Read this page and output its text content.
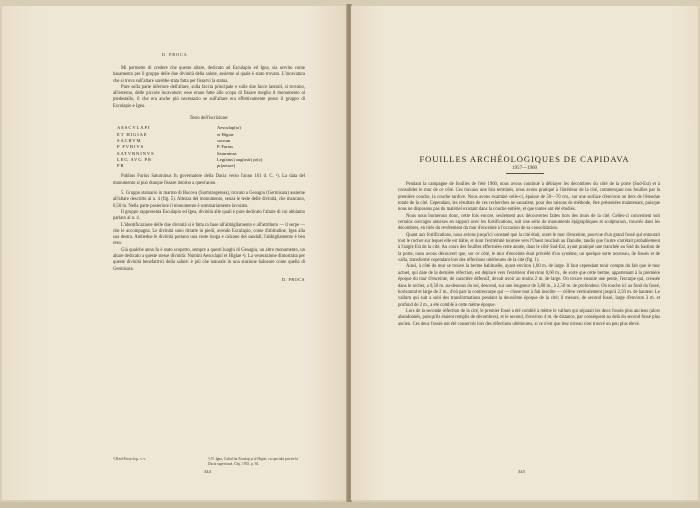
D. PROCA

Mi permetto di credere che questo altare, dedicato ad Esculapio ed Igea, sia servito come basamento per il gruppo delle due divinità della salute, assieme al quale è stato trovato. L'incavatura che si trova sull'altare sarebbe stata fatta per fissarvi la statua.

Pure sulla parte inferiore dell'altare, sulla faccia principale e sulle due facce laterali, si trovano, all'esterno, delle piccole incavature; esse erano fatte allo scopo di fissare meglio il monumento al piedestallo, il che era anche più necessario se sull'altare era effettivamente posto il gruppo di Esculapio e Igea.

Testo dell'iscrizione:
AESCVLAPI	Aesculap(io)
ET HIGIAE	et Higiae
SACRVM	sacrum
P FVRIVS	P. Furius
SATVRNINVS	Saturninus
LEG AVG PR	Leg(atus) aug(usti) pr(o)
PR	pr(aetore)

Publius Furius Saturninus fu governatore della Dacia verso l'anno 161 d. C. ¹). La data del monumento si può dunque fissare intorno a quest'anno.

5. Gruppo statuario in marmo di Bucova (Sarmizegetusa), trovato a Geoagiu (Germisara) assieme all'altare descritto al n. 4 (fig. 5). Altezza del monumento, senza le teste delle divinità, che mancano, 0,50 m. Nella parte posteriore il monumento è sommariamente lavorato.

Il gruppo rappresenta Esculapio ed Igea, divinità alle quali è pure dedicato l'altare di cui abbiamo parlato al n. 4.

L'identificazione delle due divinità si è fatta in base all'abbigliamento e all'attributo — il serpe — che le accompagna. Le divinità sono ritratte in piedi, avendo Esculapio, come d'abitudine, Igea alla sua destra. Ambedue le divinità portano una veste lunga e calzano dei sandali; l'abbigliamento è ben reso.

Già qualche anno fa è stato scoperto, sempre a questi luoghi di Geoagiu, un altro monumento, un altare dedicato a queste stesse divinità: Numini Aesculapii et Higiae ²). La venerazione dimostrata per queste divinità benefattrici della salute: è più che naturale in una stazione balneare come quella di Germisara.

D. PROCA
¹) Real-Encyclop., s. v.	²) N. Igna, Cultul lui Esculap şi al Higiei, cu specială privire la Dacia superioară, Cluj, 1935, p. 94.
344
FOUILLES ARCHÉOLOGIQUES DE CAPIDAVA
1957—1960

Pendant la campagne de fouilles de l'été 1960, nous avons continué à déblayer les décombres du côté de la porte (Sud-Est) et à consolider le mur de ce côté. Ces travaux une fois terminés, nous avons pratiqué à l'intérieur de la cité, commençant nos fouilles par la première couche, la couche tardive. Nous avons examiné celle-ci, épaisse de 50—70 cm., sur une surface d'environ un tiers de l'étendue totale de la cité. Cependant, les résultats de ces recherches ne sauraient, pour des raisons de méthode, être présentées maintenant, puisque nous ne disposons pas du matériel existant dans la couche entière, et que toutes ont été étudiés.

Nous nous bornerons donc, cette fois encore, seulement aux découvertes faites hors des murs de la cité. Celles-ci concernent soit certains ouvrages annexes en rapport avec les fortifications, soit une série de monuments épigraphiques et sculpturaux, trouvés dans les décombres, en tirés du revêtement du mur d'enceinte à l'occasion de sa consolidation.

Quant aux fortifications, nous avions jusqu'ici constaté que la cité était, outre le mur d'enceinte, pourvue d'un grand fossé qui entourait tout le rocher sur lequel elle est bâtie, et dont l'extrémité tournée vers l'Ouest touchait au Danube, tandis que l'autre s'arrêtait probablement à l'angle Est de la cité. Au cours des fouilles effectuées cette année, dans le côté Sud-Est, ayant pratiqué une tranchée au Sud du bastion de la porte, nous avons découvert que, sur ce côté, le mur d'enceinte était précédé d'un système, un quelque sorte nouveau, de fossés et de valla, transformé cependant lors des réfections ultérieures de la cité (fig. 1).

Ainsi, à côté du mur se trouve la berme habituelle, ayant environ 1,80 m. de large. Il faut cependant tenir compte du fait que le mur actuel, qui date de la dernière réfection, est déplacé vers l'extérieur d'environ 0,60 m., de sorte que cette berme, appartenant à la première époque du mur d'enceinte, de caractère défensif, devait avoir au moins 2 m. de large. On trouve ensuite une pente, l'escarpe qui, creusée dans le rocher, a 0,50 m. au-dessous du sol, descend, sur une longueur de 3,60 m., à 2,50 m. de profondeur. On touche ici au fond du fossé, horizontal et large de 2 m., d'où part la contrescarpe qui — chose tout à fait insolite — s'élève verticalement jusqu'à 2,50 m. de hauteur. Le vallum qui suit a subi des transformations pendant la deuxième époque de la cité; il mesure, de second fossé, large d'environ 3 m. et profond de 2 m., a été comblé à cette même époque.

Lors de la seconde réfection de la cité, le premier fossé a été comblé à même le vallum qui séparait les deux fossés plus anciens (alors abandonnés, puisqu'ils étaient remplis de décombres), et le second, d'environ 4 m. de distance, par conséquent au delà du second fossé plus ancien. Ces deux fossés ont été conservés lors des réfections ultérieures, si ce n'est que leur niveau s'est trouvé un peu plus élevé.

345
